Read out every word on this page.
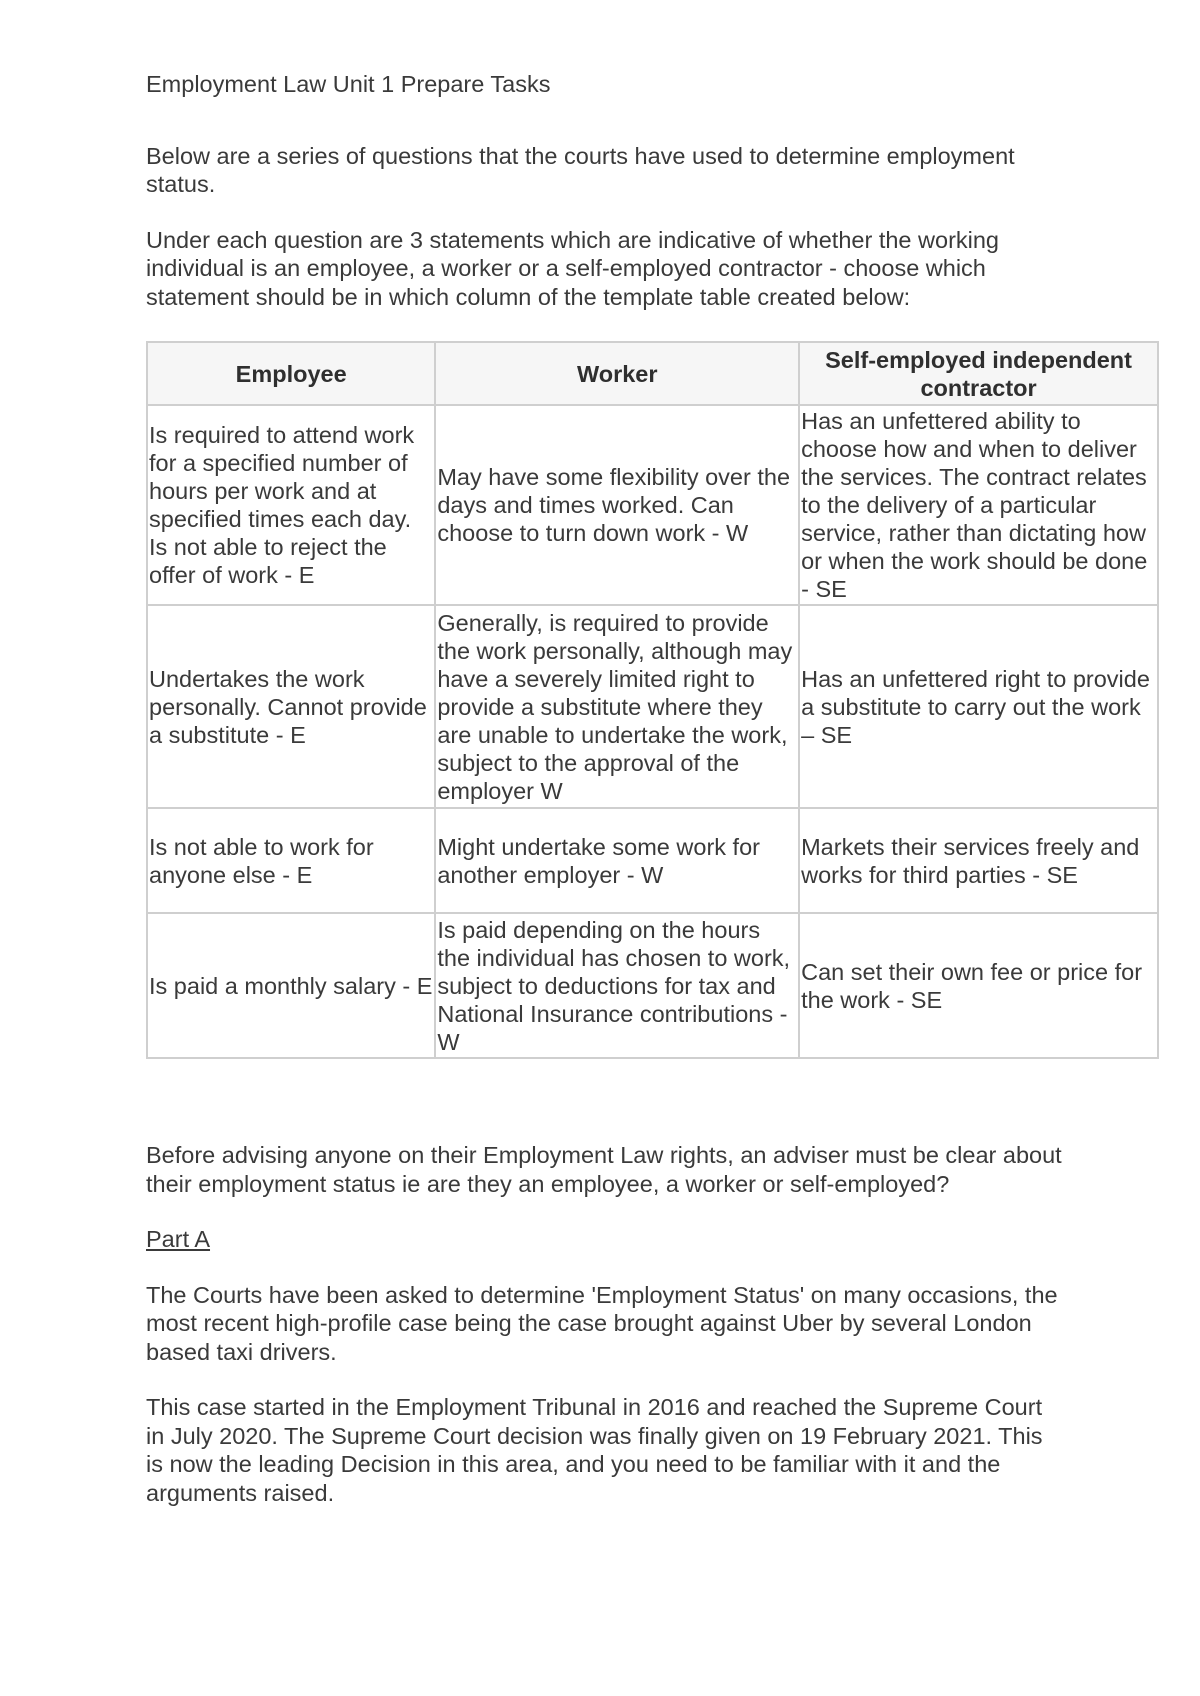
Employment Law Unit 1 Prepare Tasks

Below are a series of questions that the courts have used to determine employment status.

Under each question are 3 statements which are indicative of whether the working individual is an employee, a worker or a self-employed contractor - choose which statement should be in which column of the template table created below:

Employee	Worker	Self-employed independent contractor
Is required to attend work for a specified number of hours per work and at specified times each day. Is not able to reject the offer of work - E	May have some flexibility over the days and times worked. Can choose to turn down work - W	Has an unfettered ability to choose how and when to deliver the services. The contract relates to the delivery of a particular service, rather than dictating how or when the work should be done - SE
Undertakes the work personally. Cannot provide a substitute - E	Generally, is required to provide the work personally, although may have a severely limited right to provide a substitute where they are unable to undertake the work, subject to the approval of the employer W	Has an unfettered right to provide a substitute to carry out the work – SE
Is not able to work for anyone else - E	Might undertake some work for another employer - W	Markets their services freely and works for third parties - SE
Is paid a monthly salary - E	Is paid depending on the hours the individual has chosen to work, subject to deductions for tax and National Insurance contributions - W	Can set their own fee or price for the work - SE

Before advising anyone on their Employment Law rights, an adviser must be clear about their employment status ie are they an employee, a worker or self-employed?

Part A

The Courts have been asked to determine 'Employment Status' on many occasions, the most recent high-profile case being the case brought against Uber by several London based taxi drivers.

This case started in the Employment Tribunal in 2016 and reached the Supreme Court in July 2020. The Supreme Court decision was finally given on 19 February 2021. This is now the leading Decision in this area, and you need to be familiar with it and the arguments raised.
